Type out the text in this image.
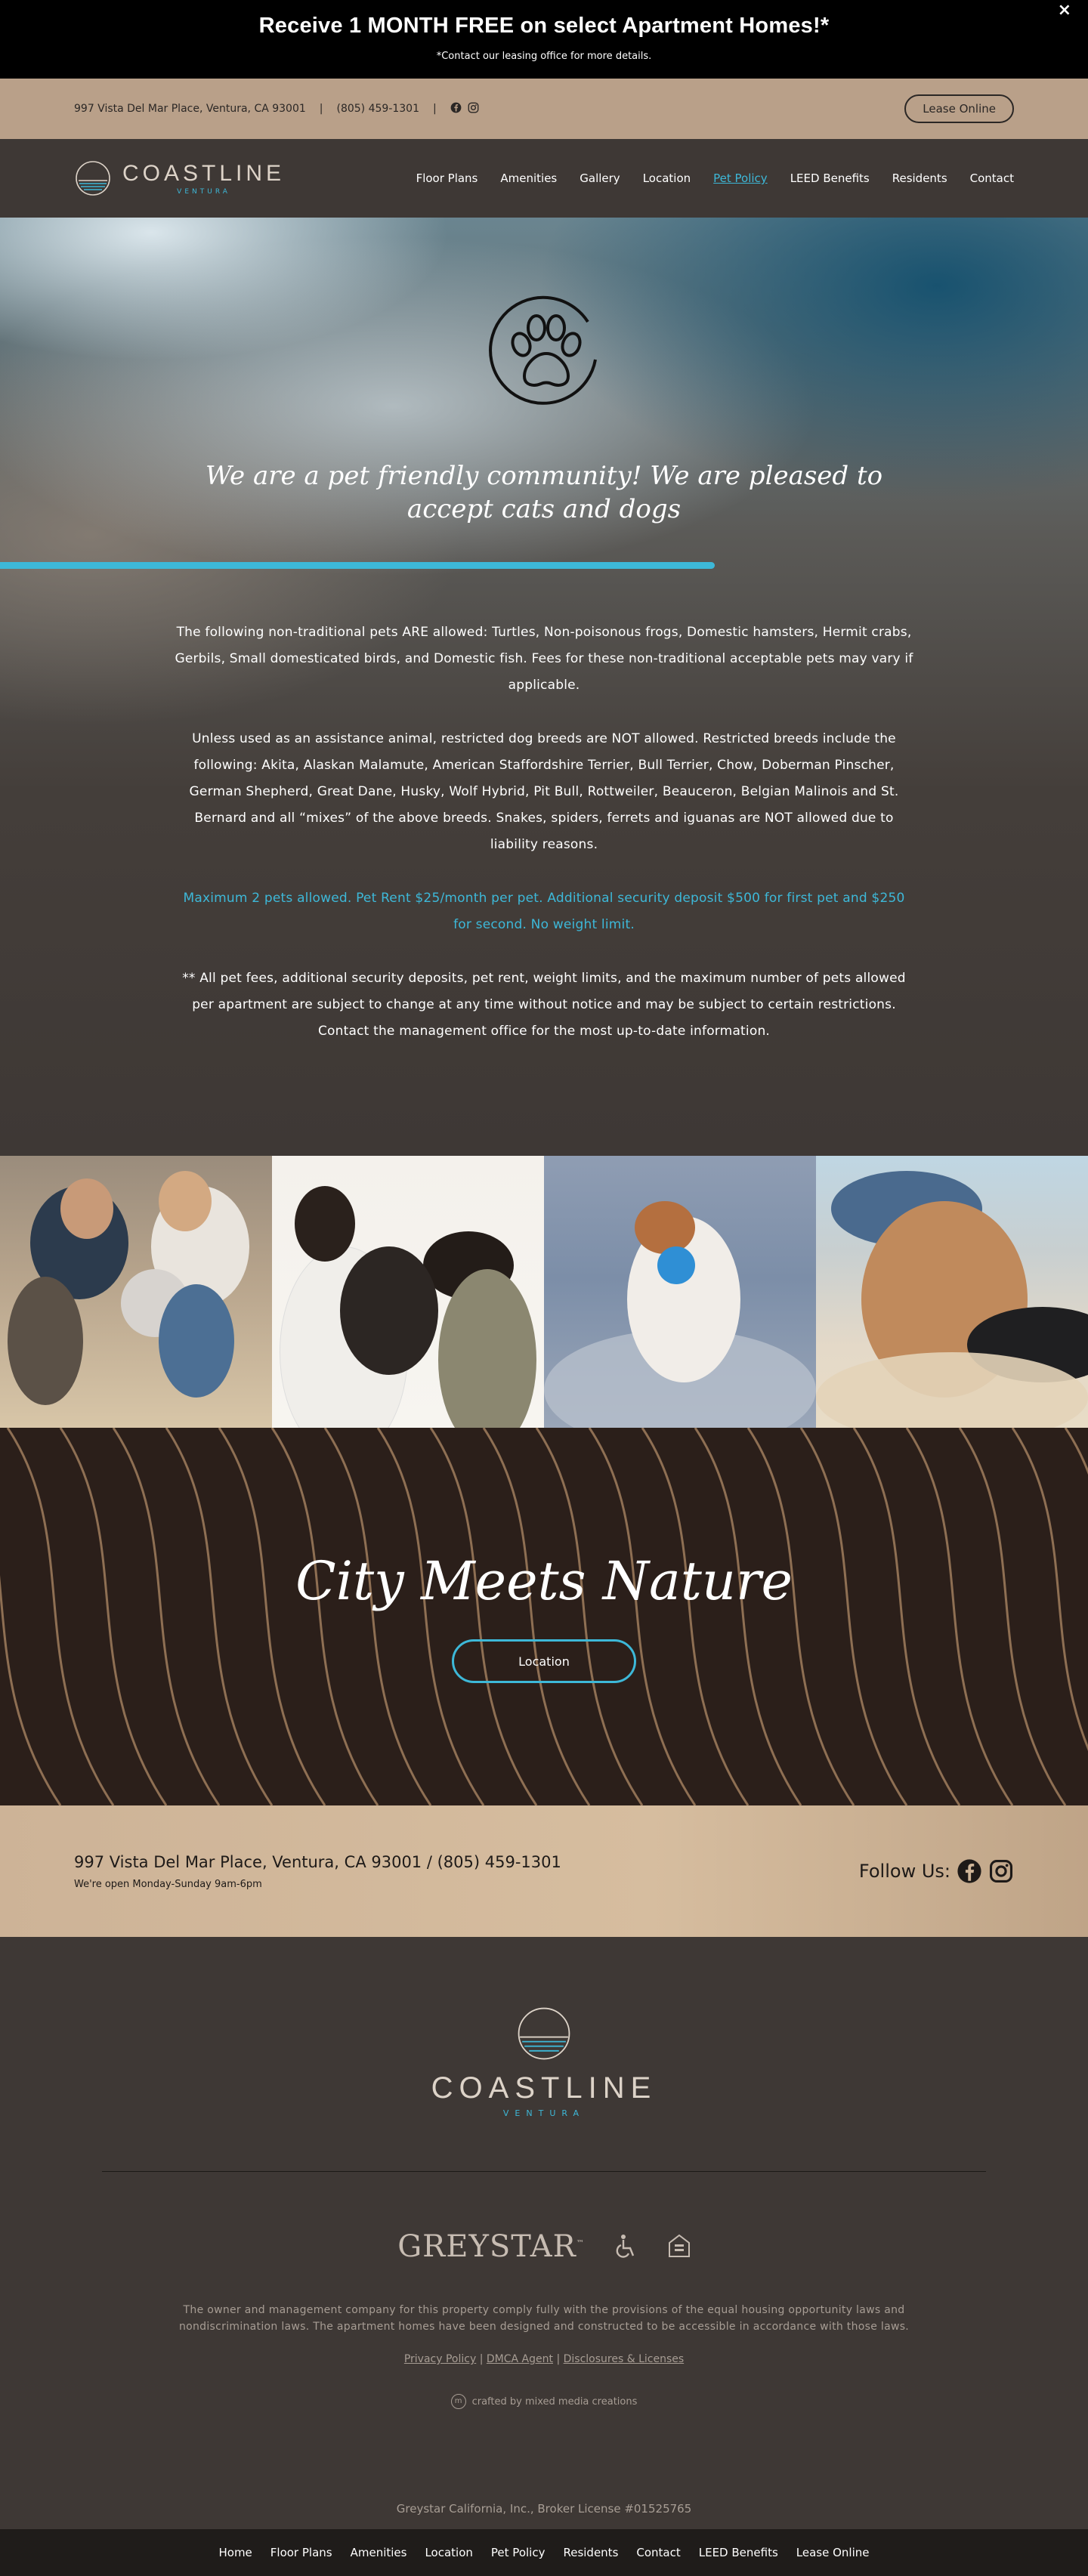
Receive 1 MONTH FREE on select Apartment Homes!*

*Contact our leasing office for more details.

×
997 Vista Del Mar Place, Ventura, CA 93001 | (805) 459-1301 |	Lease Online
COASTLINE
VENTURA
Floor Plans Amenities Gallery Location Pet Policy LEED Benefits Residents Contact
We are a pet friendly community! We are pleased to accept cats and dogs

The following non-traditional pets ARE allowed: Turtles, Non-poisonous frogs, Domestic hamsters, Hermit crabs, Gerbils, Small domesticated birds, and Domestic fish. Fees for these non-traditional acceptable pets may vary if applicable.

Unless used as an assistance animal, restricted dog breeds are NOT allowed. Restricted breeds include the following: Akita, Alaskan Malamute, American Staffordshire Terrier, Bull Terrier, Chow, Doberman Pinscher, German Shepherd, Great Dane, Husky, Wolf Hybrid, Pit Bull, Rottweiler, Beauceron, Belgian Malinois and St. Bernard and all “mixes” of the above breeds. Snakes, spiders, ferrets and iguanas are NOT allowed due to liability reasons.

Maximum 2 pets allowed. Pet Rent $25/month per pet. Additional security deposit $500 for first pet and $250 for second. No weight limit.

** All pet fees, additional security deposits, pet rent, weight limits, and the maximum number of pets allowed per apartment are subject to change at any time without notice and may be subject to certain restrictions. Contact the management office for the most up-to-date information.

City Meets Nature
Location
997 Vista Del Mar Place, Ventura, CA 93001 / (805) 459-1301
We're open Monday-Sunday 9am-6pm
Follow Us:
COASTLINE
VENTURA
GREYSTAR™

The owner and management company for this property comply fully with the provisions of the equal housing opportunity laws and nondiscrimination laws. The apartment homes have been designed and constructed to be accessible in accordance with those laws.

Privacy Policy | DMCA Agent | Disclosures & Licenses
m	crafted by mixed media creations
Greystar California, Inc., Broker License #01525765
Home Floor Plans Amenities Location Pet Policy Residents Contact LEED Benefits Lease Online
